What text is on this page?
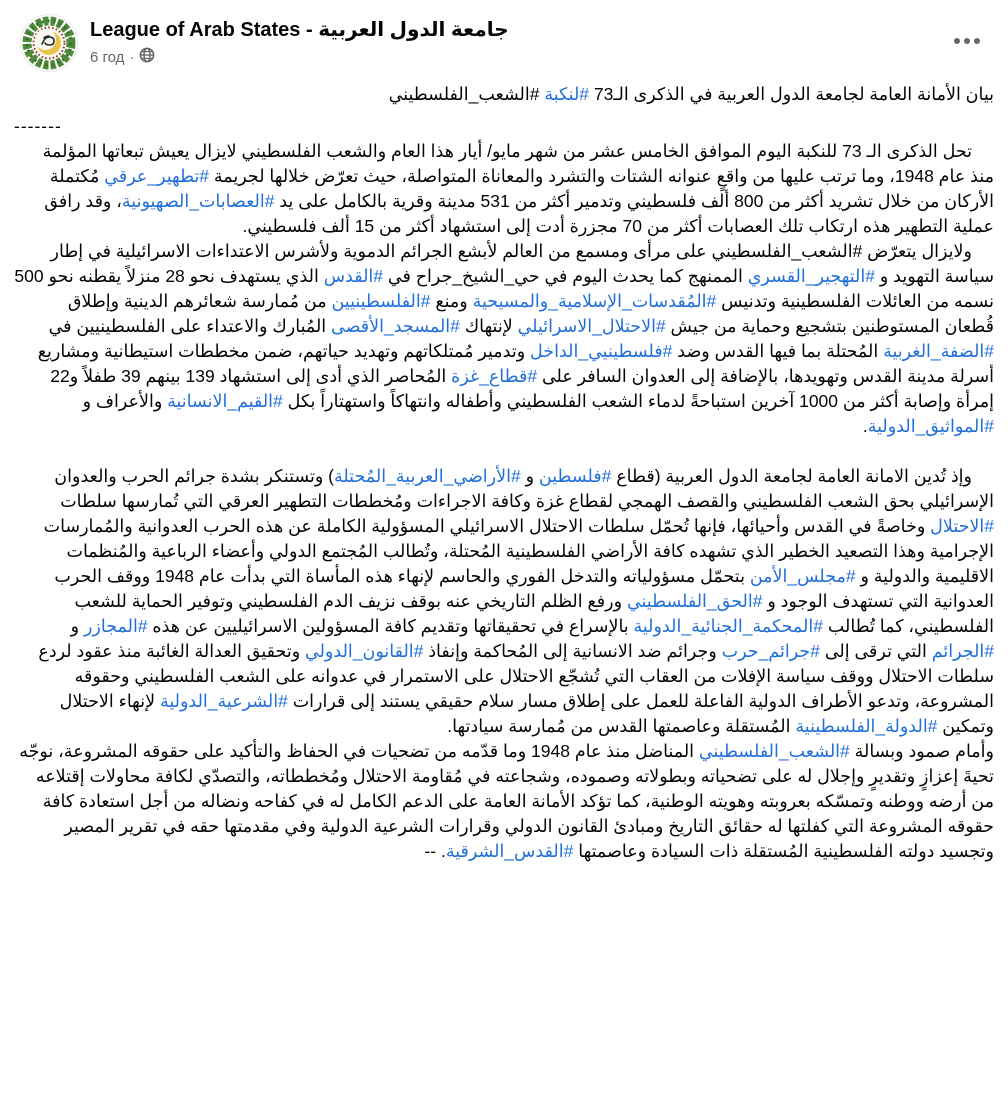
League of Arab States - جامعة الدول العربية
6 год ·

بيان الأمانة العامة لجامعة الدول العربية في الذكرى الـ73 #لنكبة #الشعب_الفلسطيني

-------

تحل الذكرى الـ 73 للنكبة اليوم الموافق الخامس عشر من شهر مايو/ أيار هذا العام والشعب الفلسطيني لايزال يعيش تبعاتها المؤلمة منذ عام 1948، وما ترتب عليها من واقعٍ عنوانه الشتات والتشرد والمعاناة المتواصلة، حيث تعرّض خلالها لجريمة #تطهير_عرقي مُكتملة الأركان من خلال تشريد أكثر من 800 ألف فلسطيني وتدمير أكثر من 531 مدينة وقرية بالكامل على يد #العصابات_الصهيونية، وقد رافق عملية التطهير هذه ارتكاب تلك العصابات أكثر من 70 مجزرة أدت إلى استشهاد أكثر من 15 ألف فلسطيني.

ولايزال يتعرّض #الشعب_الفلسطيني على مرأى ومسمع من العالم لأبشع الجرائم الدموية ولأشرس الاعتداءات الاسرائيلية في إطار سياسة التهويد و #التهجير_القسري الممنهج كما يحدث اليوم في حي_الشيخ_جراح في #القدس الذي يستهدف نحو 28 منزلاً يقطنه نحو 500 نسمه من العائلات الفلسطينية وتدنيس #المُقدسات_الإسلامية_والمسيحية ومنع #الفلسطينيين من مُمارسة شعائرهم الدينية وإطلاق قُطعان المستوطنين بتشجيع وحماية من جيش #الاحتلال_الاسرائيلي لإنتهاك #المسجد_الأقصى المُبارك والاعتداء على الفلسطينيين في #الضفة_الغربية المُحتلة بما فيها القدس وضد #فلسطينيي_الداخل وتدمير مُمتلكاتهم وتهديد حياتهم، ضمن مخططات استيطانية ومشاريع أسرلة مدينة القدس وتهويدها، بالإضافة إلى العدوان السافر على #قطاع_غزة المُحاصر الذي أدى إلى استشهاد 139 بينهم 39 طفلاً و22 إمرأة وإصابة أكثر من 1000 آخرين استباحةً لدماء الشعب الفلسطيني وأطفاله وانتهاكاً واستهتاراً بكل #القيم_الانسانية والأعراف و #المواثيق_الدولية.

وإذ تُدين الامانة العامة لجامعة الدول العربية (قطاع #فلسطين و #الأراضي_العربية_المُحتلة) وتستنكر بشدة جرائم الحرب والعدوان الإسرائيلي بحق الشعب الفلسطيني والقصف الهمجي لقطاع غزة وكافة الاجراءات ومُخططات التطهير العرقي التي تُمارسها سلطات #الاحتلال وخاصةً في القدس وأحيائها، فإنها تُحمّل سلطات الاحتلال الاسرائيلي المسؤولية الكاملة عن هذه الحرب العدوانية والمُمارسات الإجرامية وهذا التصعيد الخطير الذي تشهده كافة الأراضي الفلسطينية المُحتلة، وتُطالب المُجتمع الدولي وأعضاء الرباعية والمُنظمات الاقليمية والدولية و #مجلس_الأمن بتحمّل مسؤولياته والتدخل الفوري والحاسم لإنهاء هذه المأساة التي بدأت عام 1948 ووقف الحرب العدوانية التي تستهدف الوجود و #الحق_الفلسطيني ورفع الظلم التاريخي عنه بوقف نزيف الدم الفلسطيني وتوفير الحماية للشعب الفلسطيني، كما تُطالب #المحكمة_الجنائية_الدولية بالإسراع في تحقيقاتها وتقديم كافة المسؤولين الاسرائيليين عن هذه #المجازر و #الجرائم التي ترقى إلى #جرائم_حرب وجرائم ضد الانسانية إلى المُحاكمة وإنفاذ #القانون_الدولي وتحقيق العدالة الغائبة منذ عقود لردع سلطات الاحتلال ووقف سياسة الإفلات من العقاب التي تُشجّع الاحتلال على الاستمرار في عدوانه على الشعب الفلسطيني وحقوقه المشروعة، وتدعو الأطراف الدولية الفاعلة للعمل على إطلاق مسار سلام حقيقي يستند إلى قرارات #الشرعية_الدولية لإنهاء الاحتلال وتمكين #الدولة_الفلسطينية المُستقلة وعاصمتها القدس من مُمارسة سيادتها.

وأمام صمود وبسالة #الشعب_الفلسطيني المناضل منذ عام 1948 وما قدّمه من تضحيات في الحفاظ والتأكيد على حقوقه المشروعة، نوجّه تحيةَ إعزازٍ وتقديرٍ وإجلال له على تضحياته وبطولاته وصموده، وشجاعته في مُقاومة الاحتلال ومُخططاته، والتصدّي لكافة محاولات إقتلاعه من أرضه ووطنه وتمسّكه بعروبته وهويته الوطنية، كما تؤكد الأمانة العامة على الدعم الكامل له في كفاحه ونضاله من أجل استعادة كافة حقوقه المشروعة التي كفلتها له حقائق التاريخ ومبادئ القانون الدولي وقرارات الشرعية الدولية وفي مقدمتها حقه في تقرير المصير وتجسيد دولته الفلسطينية المُستقلة ذات السيادة وعاصمتها #القدس_الشرقية. --
